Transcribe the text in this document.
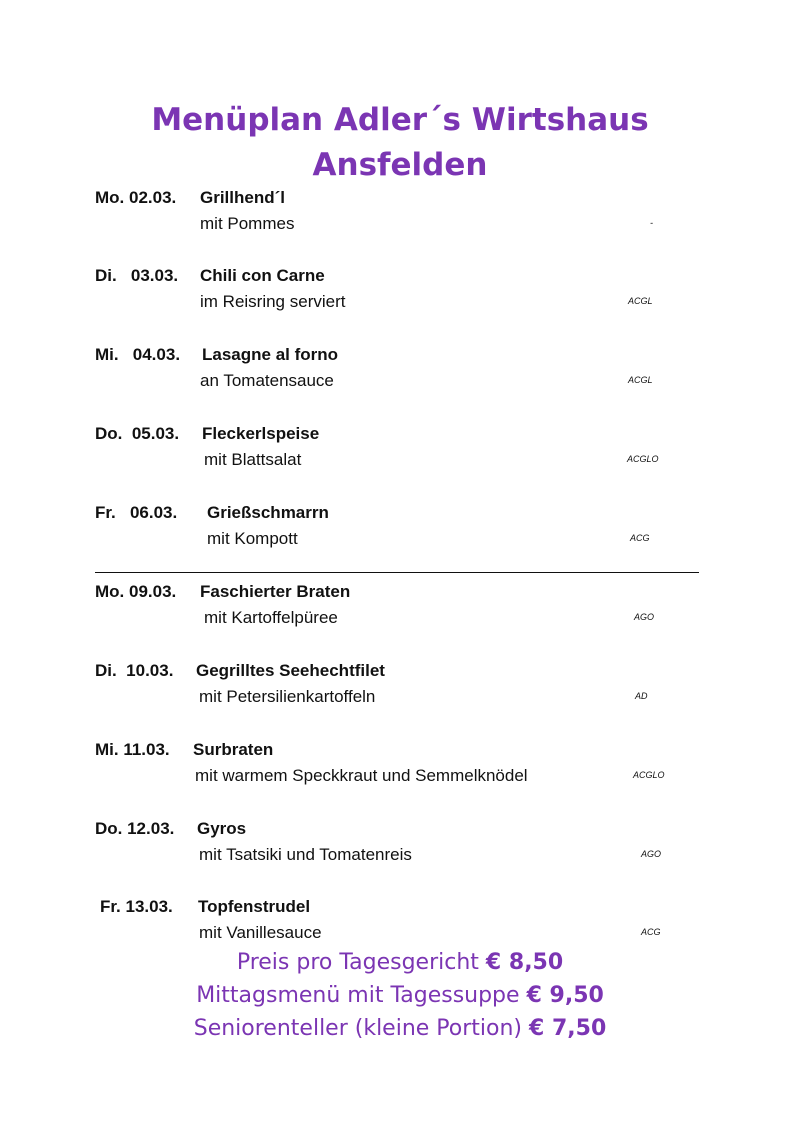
Menüplan Adler´s Wirtshaus
Ansfelden
Mo. 02.03. Grillhend´l
mit Pommes	-
Di.   03.03. Chili con Carne
im Reisring serviert	ACGL
Mi.   04.03. Lasagne al forno
an Tomatensauce	ACGL
Do.  05.03. Fleckerlspeise
mit Blattsalat	ACGLO
Fr.   06.03. Grießschmarrn
mit Kompott	ACG
Mo. 09.03. Faschierter Braten
mit Kartoffelpüree	AGO
Di.  10.03. Gegrilltes Seehechtfilet
mit Petersilienkartoffeln	AD
Mi. 11.03. Surbraten
mit warmem Speckkraut und Semmelknödel	ACGLO
Do. 12.03. Gyros
mit Tsatsiki und Tomatenreis	AGO
Fr. 13.03. Topfenstrudel
mit Vanillesauce	ACG
Preis pro Tagesgericht € 8,50
Mittagsmenü mit Tagessuppe € 9,50
Seniorenteller (kleine Portion) € 7,50
